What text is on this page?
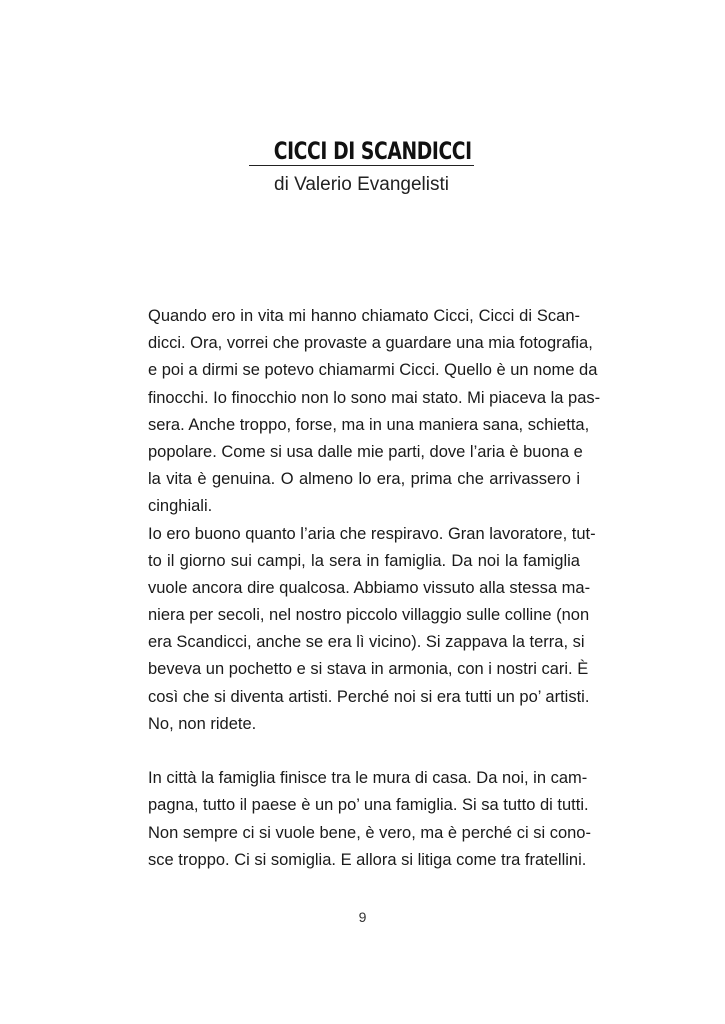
CICCI DI SCANDICCI
di Valerio Evangelisti
Quando ero in vita mi hanno chiamato Cicci, Cicci di Scan-
dicci. Ora, vorrei che provaste a guardare una mia fotografia,
e poi a dirmi se potevo chiamarmi Cicci. Quello è un nome da
finocchi. Io finocchio non lo sono mai stato. Mi piaceva la pas-
sera. Anche troppo, forse, ma in una maniera sana, schietta,
popolare. Come si usa dalle mie parti, dove l’aria è buona e
la vita è genuina. O almeno lo era, prima che arrivassero i
cinghiali.
Io ero buono quanto l’aria che respiravo. Gran lavoratore, tut-
to il giorno sui campi, la sera in famiglia. Da noi la famiglia
vuole ancora dire qualcosa. Abbiamo vissuto alla stessa ma-
niera per secoli, nel nostro piccolo villaggio sulle colline (non
era Scandicci, anche se era lì vicino). Si zappava la terra, si
beveva un pochetto e si stava in armonia, con i nostri cari. È
così che si diventa artisti. Perché noi si era tutti un po’ artisti.
No, non ridete.
In città la famiglia finisce tra le mura di casa. Da noi, in cam-
pagna, tutto il paese è un po’ una famiglia. Si sa tutto di tutti.
Non sempre ci si vuole bene, è vero, ma è perché ci si cono-
sce troppo. Ci si somiglia. E allora si litiga come tra fratellini.
9
